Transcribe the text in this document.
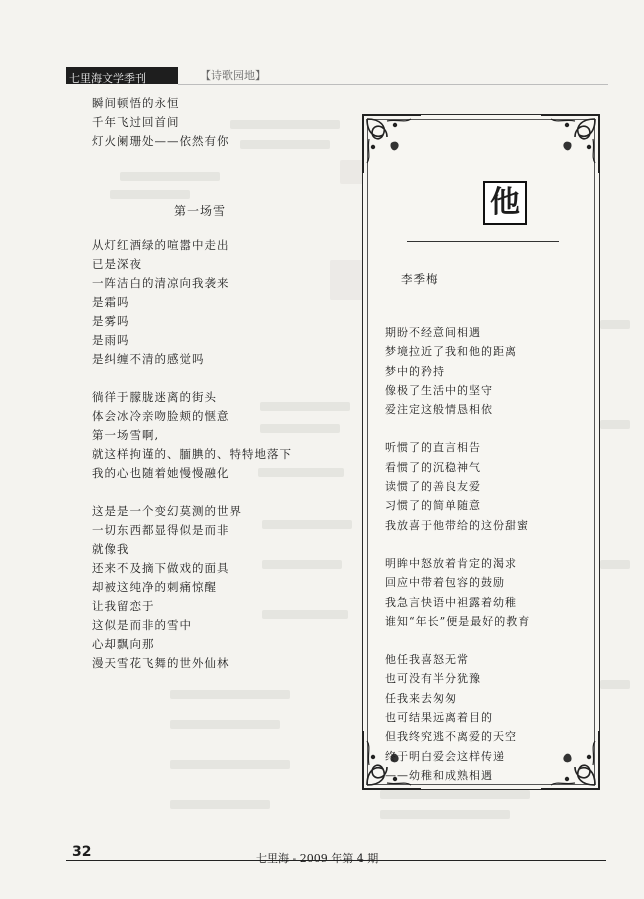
七里海文学季刊	【诗歌园地】
瞬间顿悟的永恒
千年飞过回首间
灯火阑珊处——依然有你
第一场雪
从灯红酒绿的喧嚣中走出
已是深夜
一阵洁白的清凉向我袭来
是霜吗
是雾吗
是雨吗
是纠缠不清的感觉吗
徜徉于朦胧迷离的街头
体会冰冷亲吻脸颊的惬意
第一场雪啊,
就这样拘谨的、腼腆的、特特地落下
我的心也随着她慢慢融化
这是是一个变幻莫测的世界
一切东西都显得似是而非
就像我
还来不及摘下做戏的面具
却被这纯净的刺痛惊醒
让我留恋于
这似是而非的雪中
心却飘向那
漫天雪花飞舞的世外仙林
他
李季梅
期盼不经意间相遇
梦境拉近了我和他的距离
梦中的矜持
像极了生活中的坚守
爱注定这般情恳相依
听惯了的直言相告
看惯了的沉稳神气
读惯了的善良友爱
习惯了的简单随意
我放喜于他带给的这份甜蜜
明眸中怒放着肯定的渴求
回应中带着包容的鼓励
我急言快语中袒露着幼稚
谁知“年长”便是最好的教育
他任我喜怒无常
也可没有半分犹豫
任我来去匆匆
也可结果远离着目的
但我终究逃不离爱的天空
终于明白爱会这样传递
——幼稚和成熟相遇
32	七里海 - 2009 年第 4 期
